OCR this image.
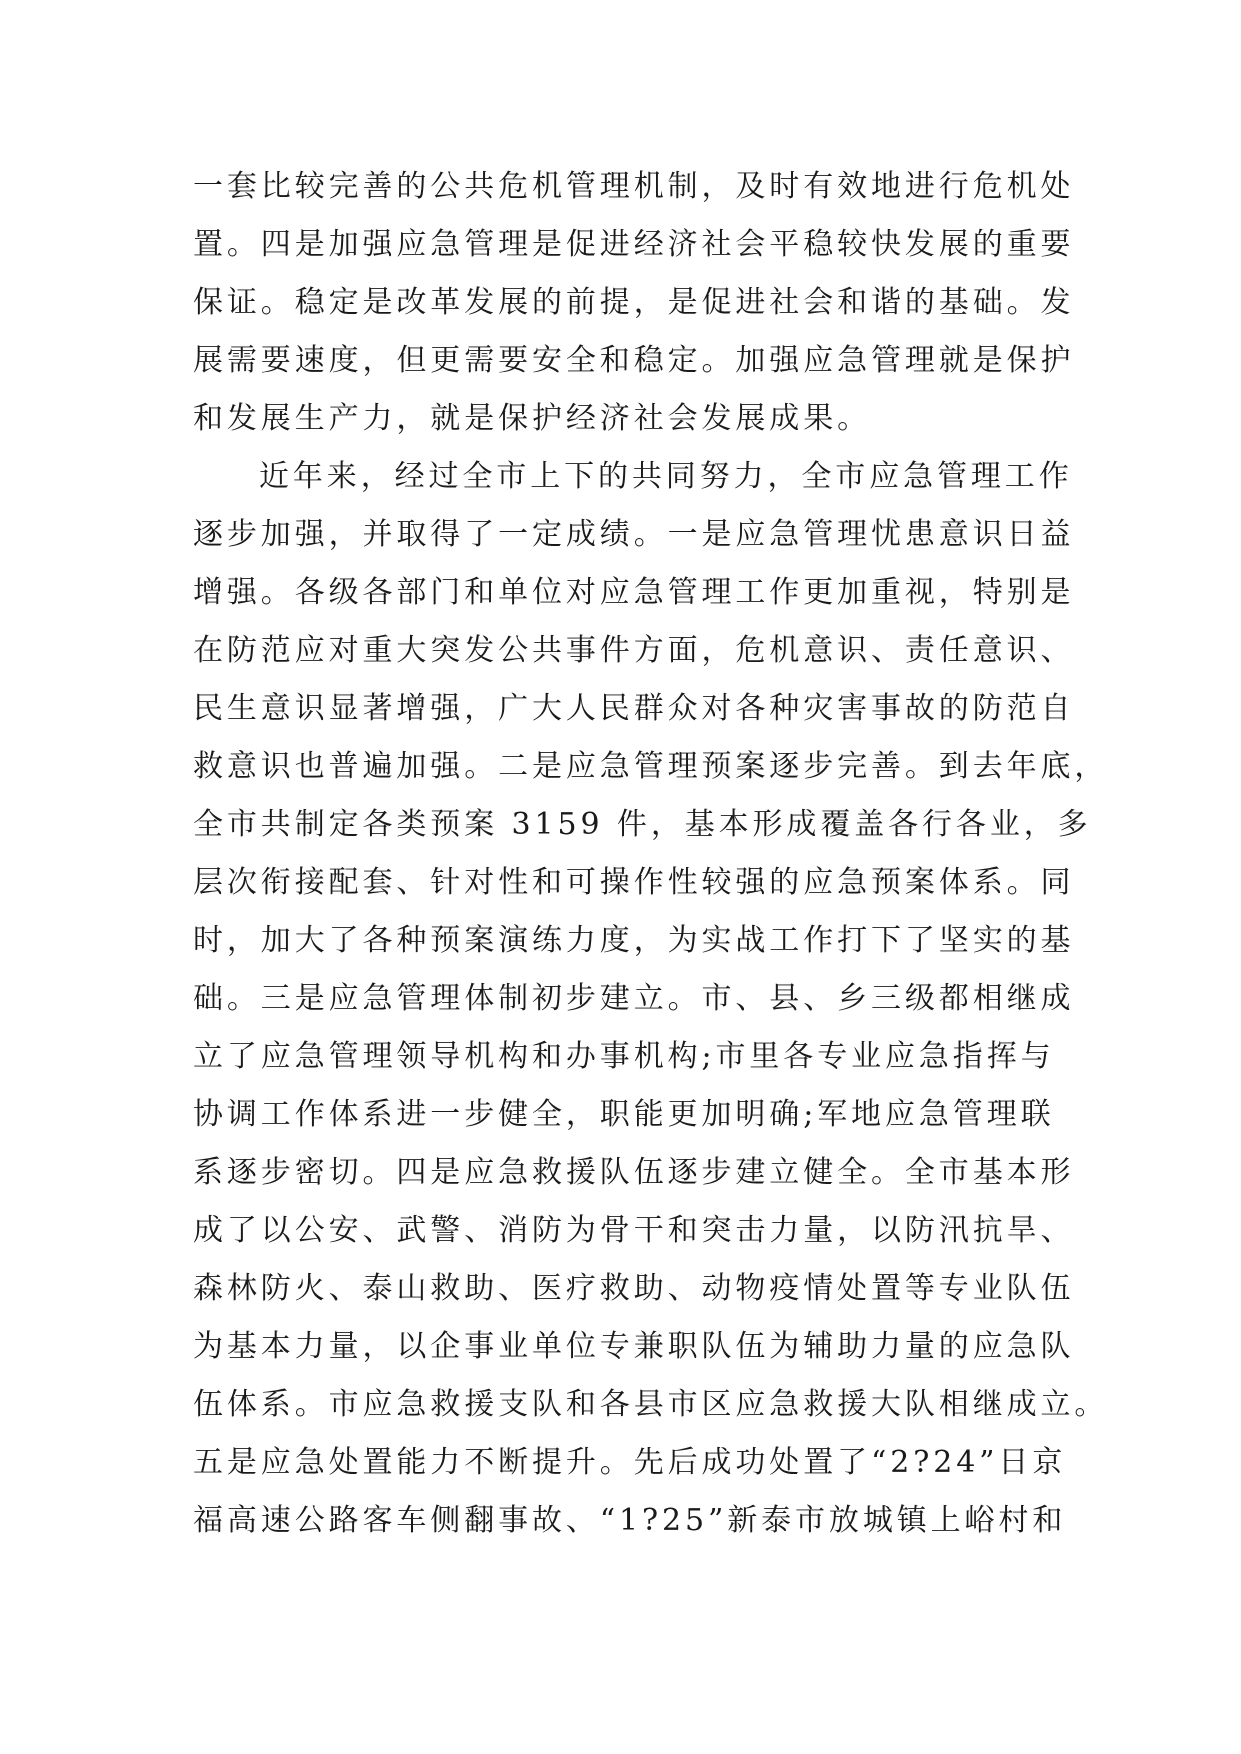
一套比较完善的公共危机管理机制，及时有效地进行危机处
置。四是加强应急管理是促进经济社会平稳较快发展的重要
保证。稳定是改革发展的前提，是促进社会和谐的基础。发
展需要速度，但更需要安全和稳定。加强应急管理就是保护
和发展生产力，就是保护经济社会发展成果。
近年来，经过全市上下的共同努力，全市应急管理工作
逐步加强，并取得了一定成绩。一是应急管理忧患意识日益
增强。各级各部门和单位对应急管理工作更加重视，特别是
在防范应对重大突发公共事件方面，危机意识、责任意识、
民生意识显著增强，广大人民群众对各种灾害事故的防范自
救意识也普遍加强。二是应急管理预案逐步完善。到去年底，
全市共制定各类预案 3159 件，基本形成覆盖各行各业，多
层次衔接配套、针对性和可操作性较强的应急预案体系。同
时，加大了各种预案演练力度，为实战工作打下了坚实的基
础。三是应急管理体制初步建立。市、县、乡三级都相继成
立了应急管理领导机构和办事机构;市里各专业应急指挥与
协调工作体系进一步健全，职能更加明确;军地应急管理联
系逐步密切。四是应急救援队伍逐步建立健全。全市基本形
成了以公安、武警、消防为骨干和突击力量，以防汛抗旱、
森林防火、泰山救助、医疗救助、动物疫情处置等专业队伍
为基本力量，以企事业单位专兼职队伍为辅助力量的应急队
伍体系。市应急救援支队和各县市区应急救援大队相继成立。
五是应急处置能力不断提升。先后成功处置了“2?24”日京
福高速公路客车侧翻事故、“1?25”新泰市放城镇上峪村和
